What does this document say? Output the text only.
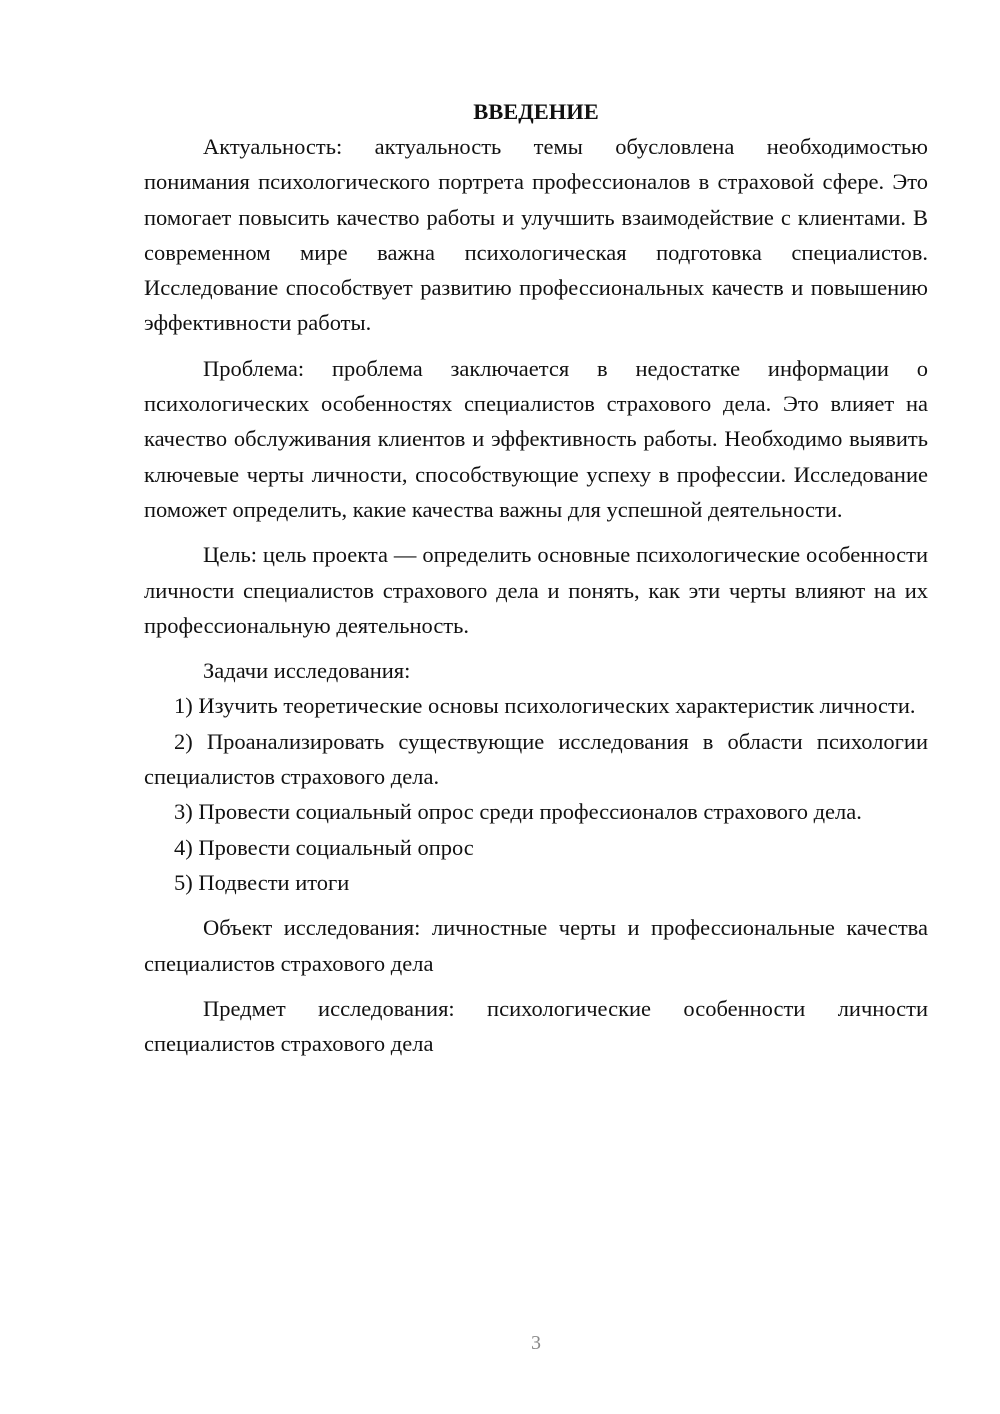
ВВЕДЕНИЕ

Актуальность: актуальность темы обусловлена необходимостью понимания психологического портрета профессионалов в страховой сфере. Это помогает повысить качество работы и улучшить взаимодействие с клиентами. В современном мире важна психологическая подготовка специалистов. Исследование способствует развитию профессиональных качеств и повышению эффективности работы.

Проблема: проблема заключается в недостатке информации о психологических особенностях специалистов страхового дела. Это влияет на качество обслуживания клиентов и эффективность работы. Необходимо выявить ключевые черты личности, способствующие успеху в профессии. Исследование поможет определить, какие качества важны для успешной деятельности.

Цель: цель проекта — определить основные психологические особенности личности специалистов страхового дела и понять, как эти черты влияют на их профессиональную деятельность.

Задачи исследования:

1) Изучить теоретические основы психологических характеристик личности.

2) Проанализировать существующие исследования в области психологии специалистов страхового дела.

3) Провести социальный опрос среди профессионалов страхового дела.

4) Провести социальный опрос

5) Подвести итоги

Объект исследования: личностные черты и профессиональные качества специалистов страхового дела

Предмет исследования: психологические особенности личности специалистов страхового дела

3
